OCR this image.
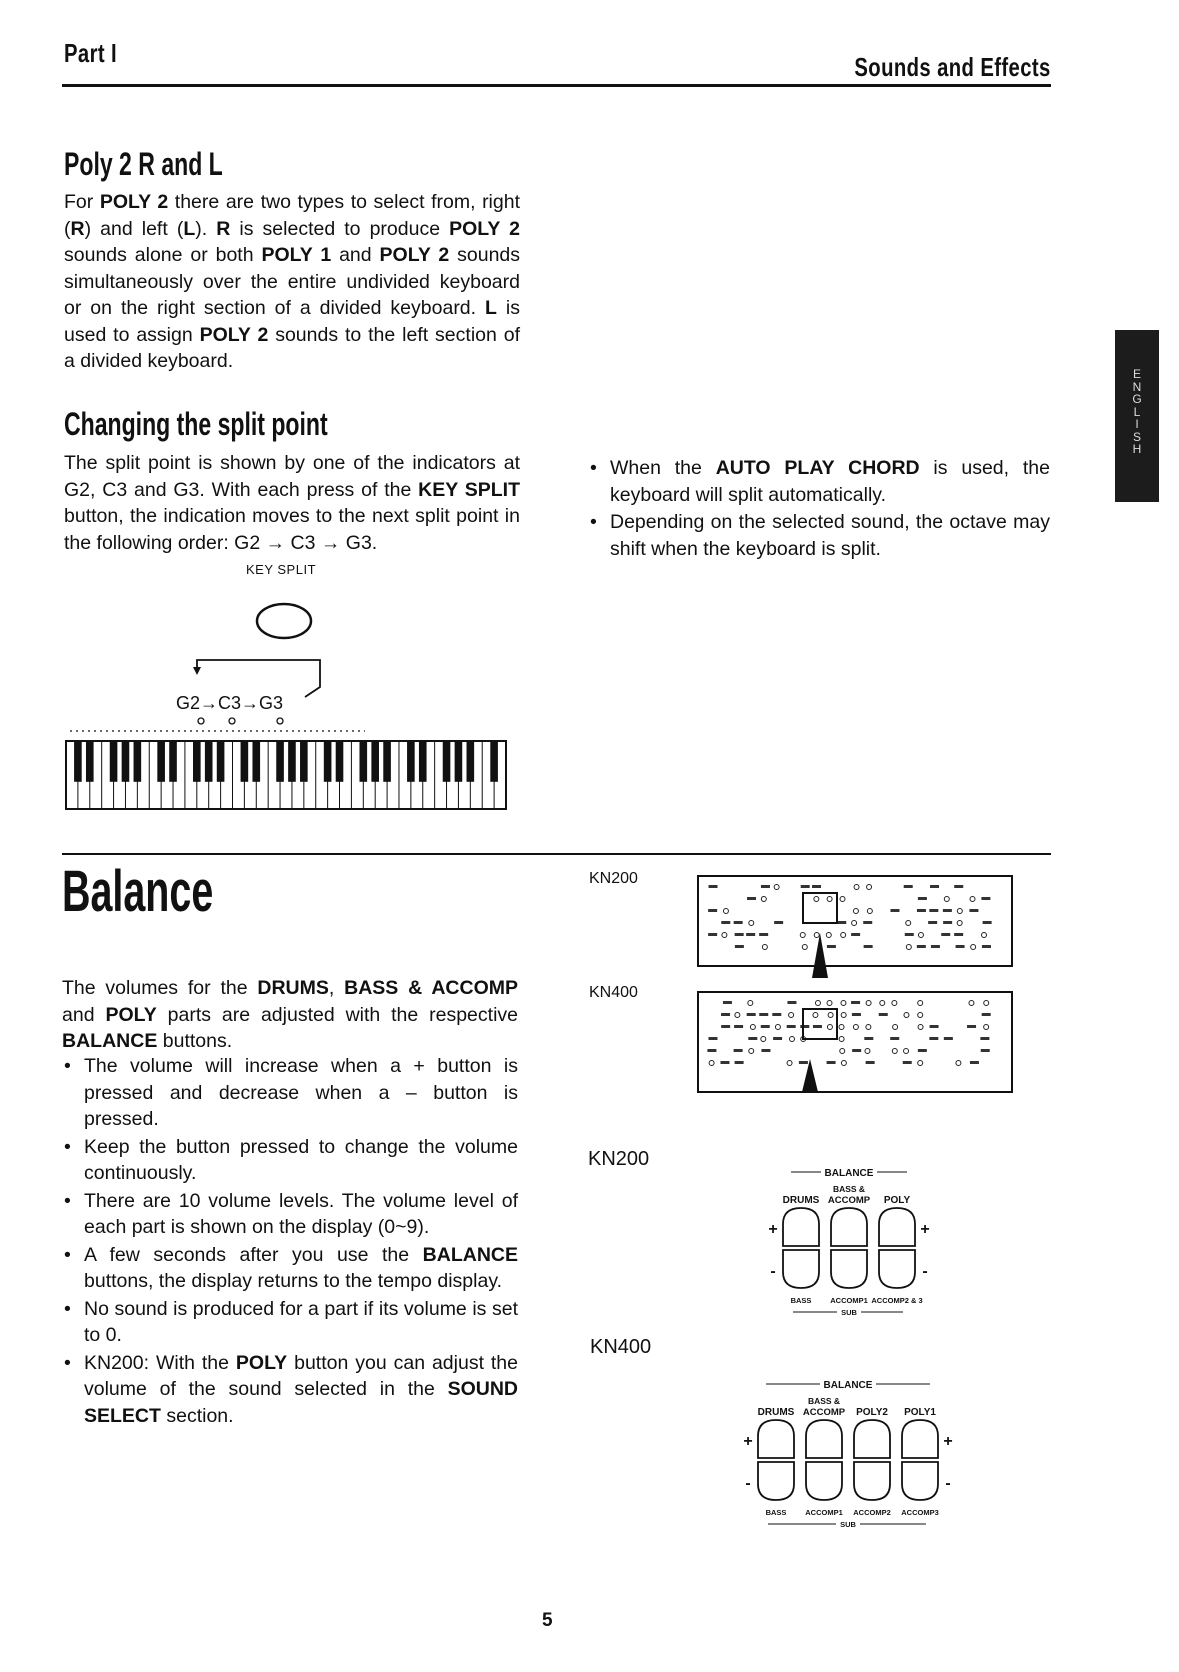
Part I	Sounds and Effects
E
N
G
L
I
S
H
Poly 2 R and L
For POLY 2 there are two types to select from, right (R) and left (L). R is selected to produce POLY 2 sounds alone or both POLY 1 and POLY 2 sounds simultaneously over the entire undivided keyboard or on the right section of a divided keyboard. L is used to assign POLY 2 sounds to the left section of a divided keyboard.
Changing the split point
The split point is shown by one of the indicators at G2, C3 and G3. With each press of the KEY SPLIT button, the indication moves to the next split point in the following order: G2 → C3 → G3.
• When the AUTO PLAY CHORD is used, the keyboard will split automatically.
• Depending on the selected sound, the octave may shift when the keyboard is split.
KEY SPLIT
G2→C3→G3
Balance
The volumes for the DRUMS, BASS & ACCOMP and POLY parts are adjusted with the respective BALANCE buttons.
• The volume will increase when a + button is pressed and decrease when a – button is pressed.
• Keep the button pressed to change the volume continuously.
• There are 10 volume levels. The volume level of each part is shown on the display (0~9).
• A few seconds after you use the BALANCE buttons, the display returns to the tempo display.
• No sound is produced for a part if its volume is set to 0.
• KN200: With the POLY button you can adjust the volume of the sound selected in the SOUND SELECT section.
KN200
KN400
KN200
BALANCE
DRUMS
BASS &
ACCOMP POLY
+	+
-	-
BASS	ACCOMP1 ACCOMP2 & 3
SUB
KN400
BALANCE
DRUMS
BASS &
ACCOMP POLY2 POLY1
+	+
-	-
BASS	ACCOMP1 ACCOMP2 ACCOMP3
SUB
5
